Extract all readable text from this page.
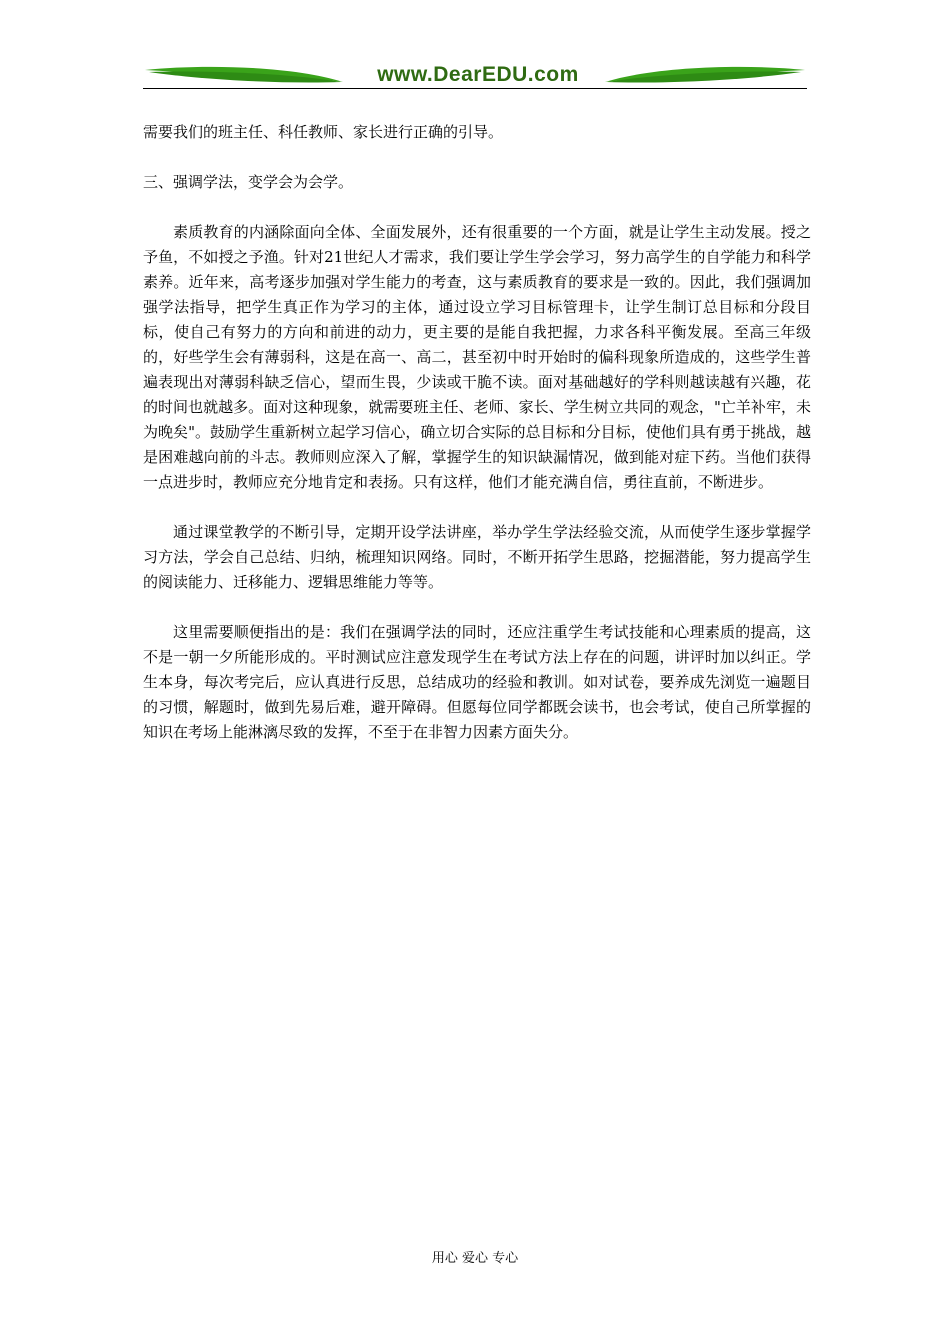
www.DearEDU.com

需要我们的班主任、科任教师、家长进行正确的引导。

三、强调学法，变学会为会学。

素质教育的内涵除面向全体、全面发展外，还有很重要的一个方面，就是让学生主动发展。授之予鱼，不如授之予渔。针对21世纪人才需求，我们要让学生学会学习，努力高学生的自学能力和科学素养。近年来，高考逐步加强对学生能力的考查，这与素质教育的要求是一致的。因此，我们强调加强学法指导，把学生真正作为学习的主体，通过设立学习目标管理卡，让学生制订总目标和分段目标，使自己有努力的方向和前进的动力，更主要的是能自我把握，力求各科平衡发展。至高三年级的，好些学生会有薄弱科，这是在高一、高二，甚至初中时开始时的偏科现象所造成的，这些学生普遍表现出对薄弱科缺乏信心，望而生畏，少读或干脆不读。面对基础越好的学科则越读越有兴趣，花的时间也就越多。面对这种现象，就需要班主任、老师、家长、学生树立共同的观念，"亡羊补牢，未为晚矣"。鼓励学生重新树立起学习信心，确立切合实际的总目标和分目标，使他们具有勇于挑战，越是困难越向前的斗志。教师则应深入了解，掌握学生的知识缺漏情况，做到能对症下药。当他们获得一点进步时，教师应充分地肯定和表扬。只有这样，他们才能充满自信，勇往直前，不断进步。

通过课堂教学的不断引导，定期开设学法讲座，举办学生学法经验交流，从而使学生逐步掌握学习方法，学会自己总结、归纳，梳理知识网络。同时，不断开拓学生思路，挖掘潜能，努力提高学生的阅读能力、迁移能力、逻辑思维能力等等。

这里需要顺便指出的是：我们在强调学法的同时，还应注重学生考试技能和心理素质的提高，这不是一朝一夕所能形成的。平时测试应注意发现学生在考试方法上存在的问题，讲评时加以纠正。学生本身，每次考完后，应认真进行反思，总结成功的经验和教训。如对试卷，要养成先浏览一遍题目的习惯，解题时，做到先易后难，避开障碍。但愿每位同学都既会读书，也会考试，使自己所掌握的知识在考场上能淋漓尽致的发挥，不至于在非智力因素方面失分。

用心 爱心 专心
